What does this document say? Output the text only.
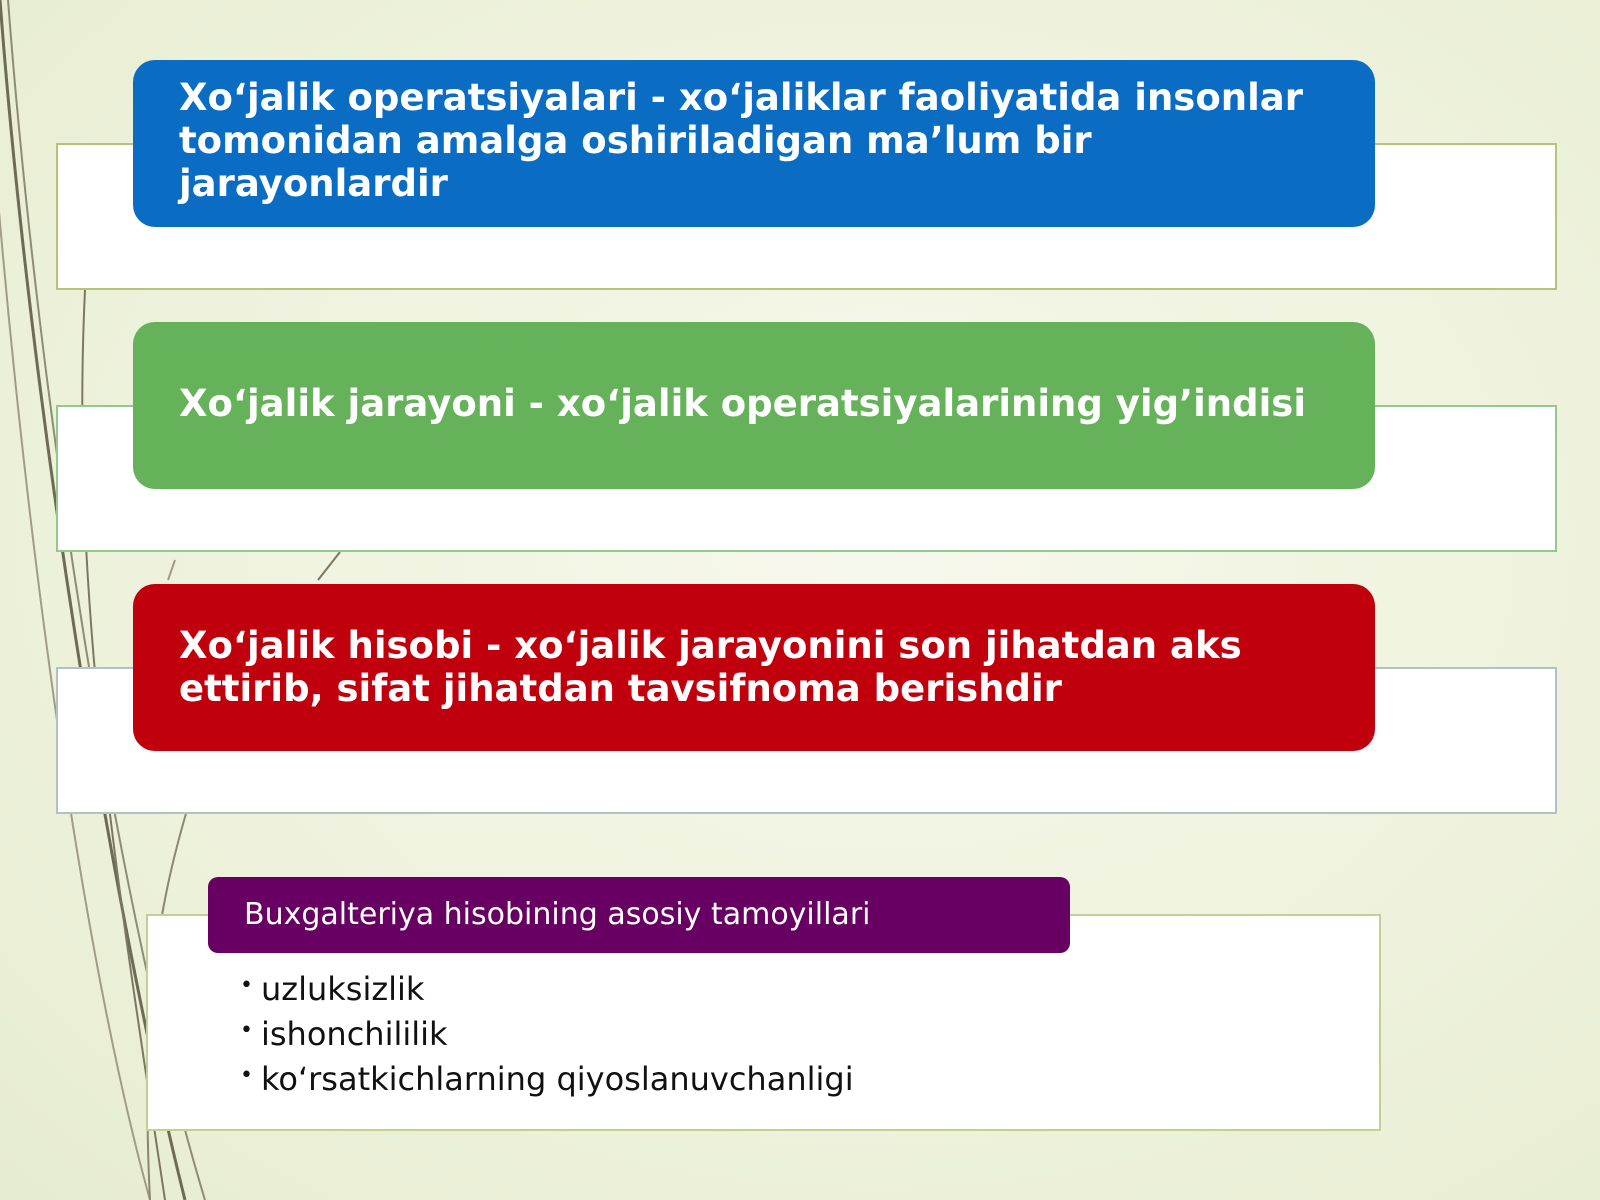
Xo‘jalik operatsiyalari - xo‘jaliklar faoliyatida insonlar tomonidan amalga oshiriladigan ma’lum bir jarayonlardir
Xo‘jalik jarayoni - xo‘jalik operatsiyalarining yig’indisi
Xo‘jalik hisobi - xo‘jalik jarayonini son jihatdan aks ettirib, sifat jihatdan tavsifnoma berishdir
Buxgalteriya hisobining asosiy tamoyillari
• uzluksizlik
• ishonchililik
• ko‘rsatkichlarning qiyoslanuvchanligi
